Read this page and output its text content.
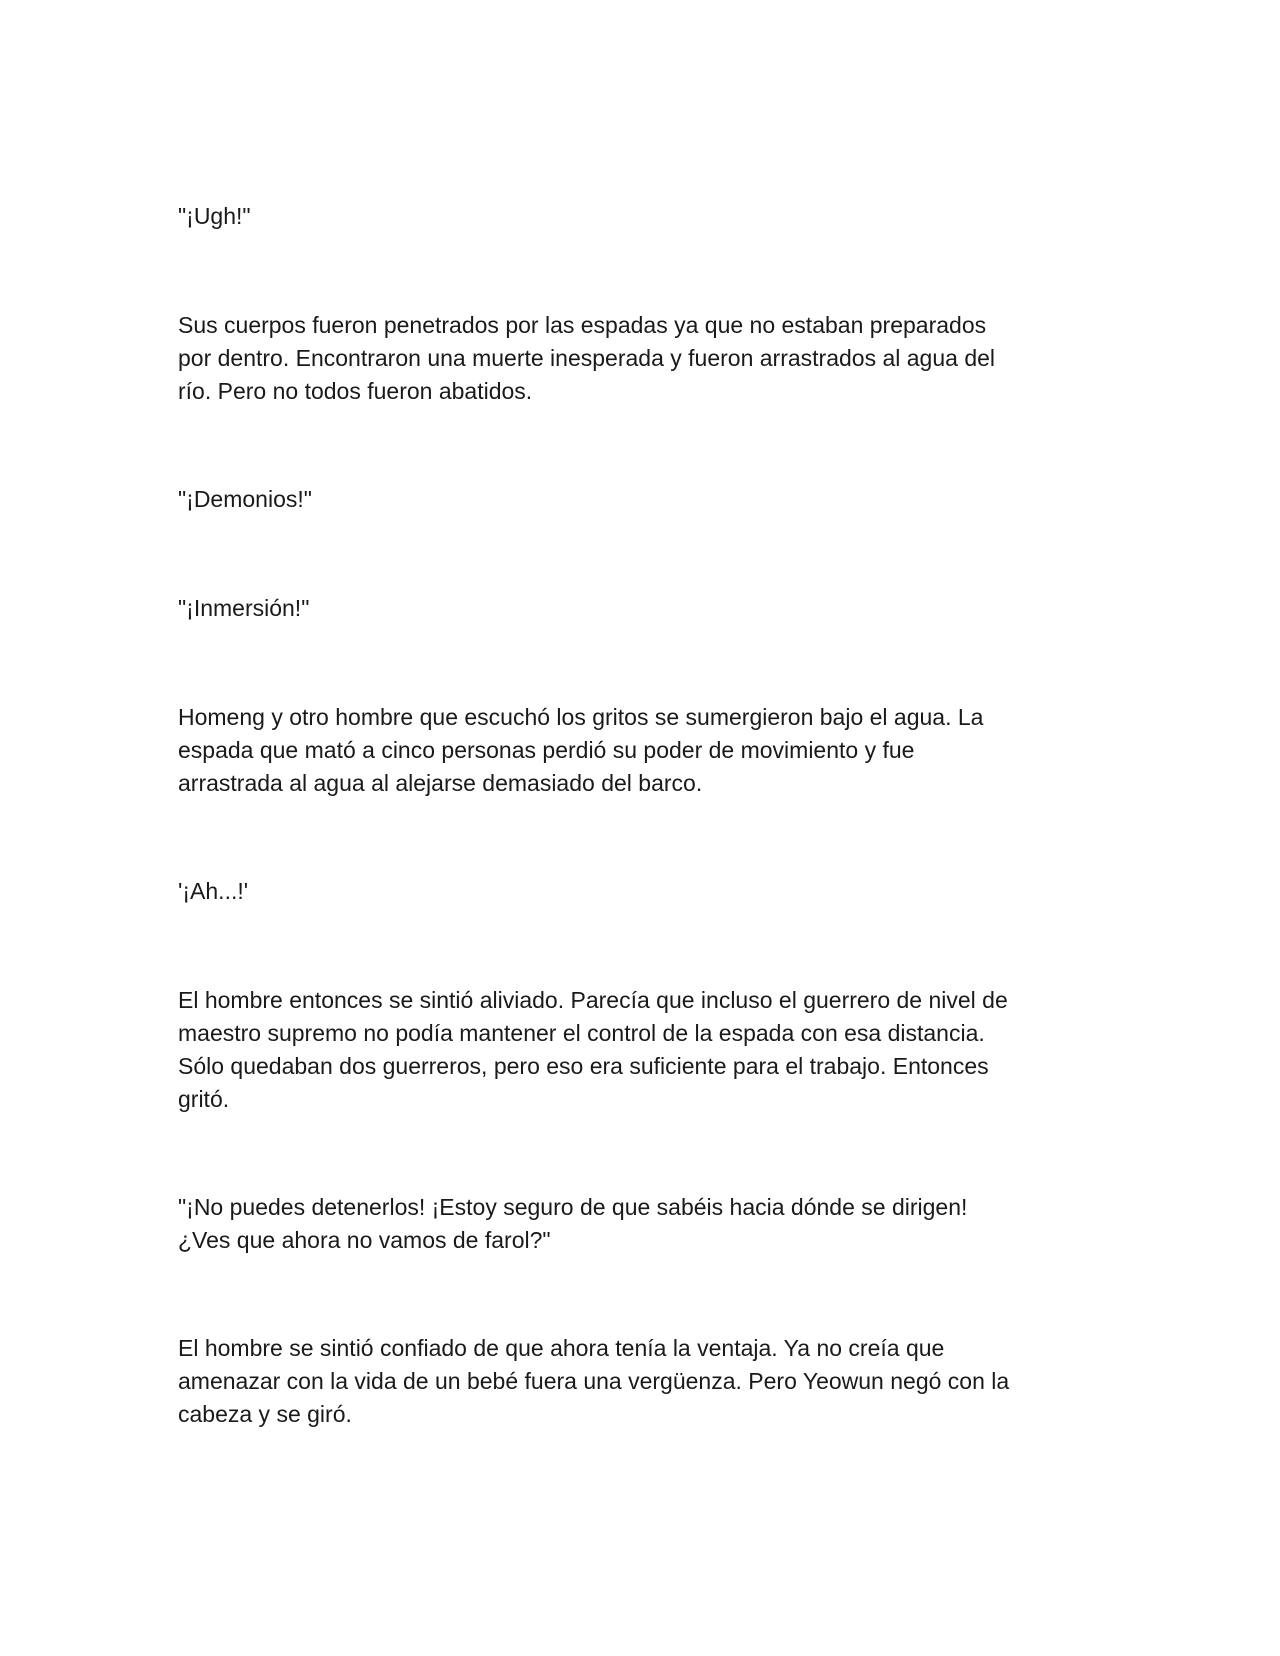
"¡Ugh!"

Sus cuerpos fueron penetrados por las espadas ya que no estaban preparados
por dentro. Encontraron una muerte inesperada y fueron arrastrados al agua del
río. Pero no todos fueron abatidos.

"¡Demonios!"

"¡Inmersión!"

Homeng y otro hombre que escuchó los gritos se sumergieron bajo el agua. La
espada que mató a cinco personas perdió su poder de movimiento y fue
arrastrada al agua al alejarse demasiado del barco.

'¡Ah...!'

El hombre entonces se sintió aliviado. Parecía que incluso el guerrero de nivel de
maestro supremo no podía mantener el control de la espada con esa distancia.
Sólo quedaban dos guerreros, pero eso era suficiente para el trabajo. Entonces
gritó.

"¡No puedes detenerlos! ¡Estoy seguro de que sabéis hacia dónde se dirigen!
¿Ves que ahora no vamos de farol?"

El hombre se sintió confiado de que ahora tenía la ventaja. Ya no creía que
amenazar con la vida de un bebé fuera una vergüenza. Pero Yeowun negó con la
cabeza y se giró.
